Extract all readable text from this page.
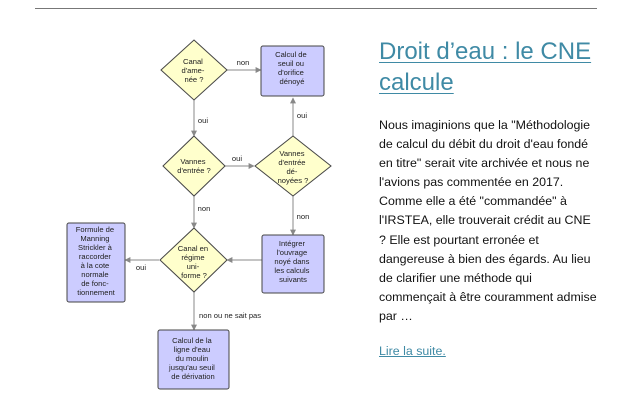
non
oui
oui
oui
non
non
oui
non ou ne sait pas
Canal d'ame- née ?
Calcul de seuil ou d'orifice dénoyé
Vannes d'entrée ?
Vannes d'entrée dé- noyées ?
Formule de Manning Strickler à raccorder à la cote normale de fonc- tionnement
Canal en régime uni- forme ?
Intégrer l'ouvrage noyé dans les calculs suivants
Calcul de la ligne d'eau du moulin jusqu'au seuil de dérivation
Droit d’eau : le CNE calcule

Nous imaginions que la "Méthodologie de calcul du débit du droit d'eau fondé en titre" serait vite archivée et nous ne l'avions pas commentée en 2017. Comme elle a été "commandée" à l'IRSTEA, elle trouverait crédit au CNE ? Elle est pourtant erronée et dangereuse à bien des égards. Au lieu de clarifier une méthode qui commençait à être couramment admise par …

Lire la suite.
